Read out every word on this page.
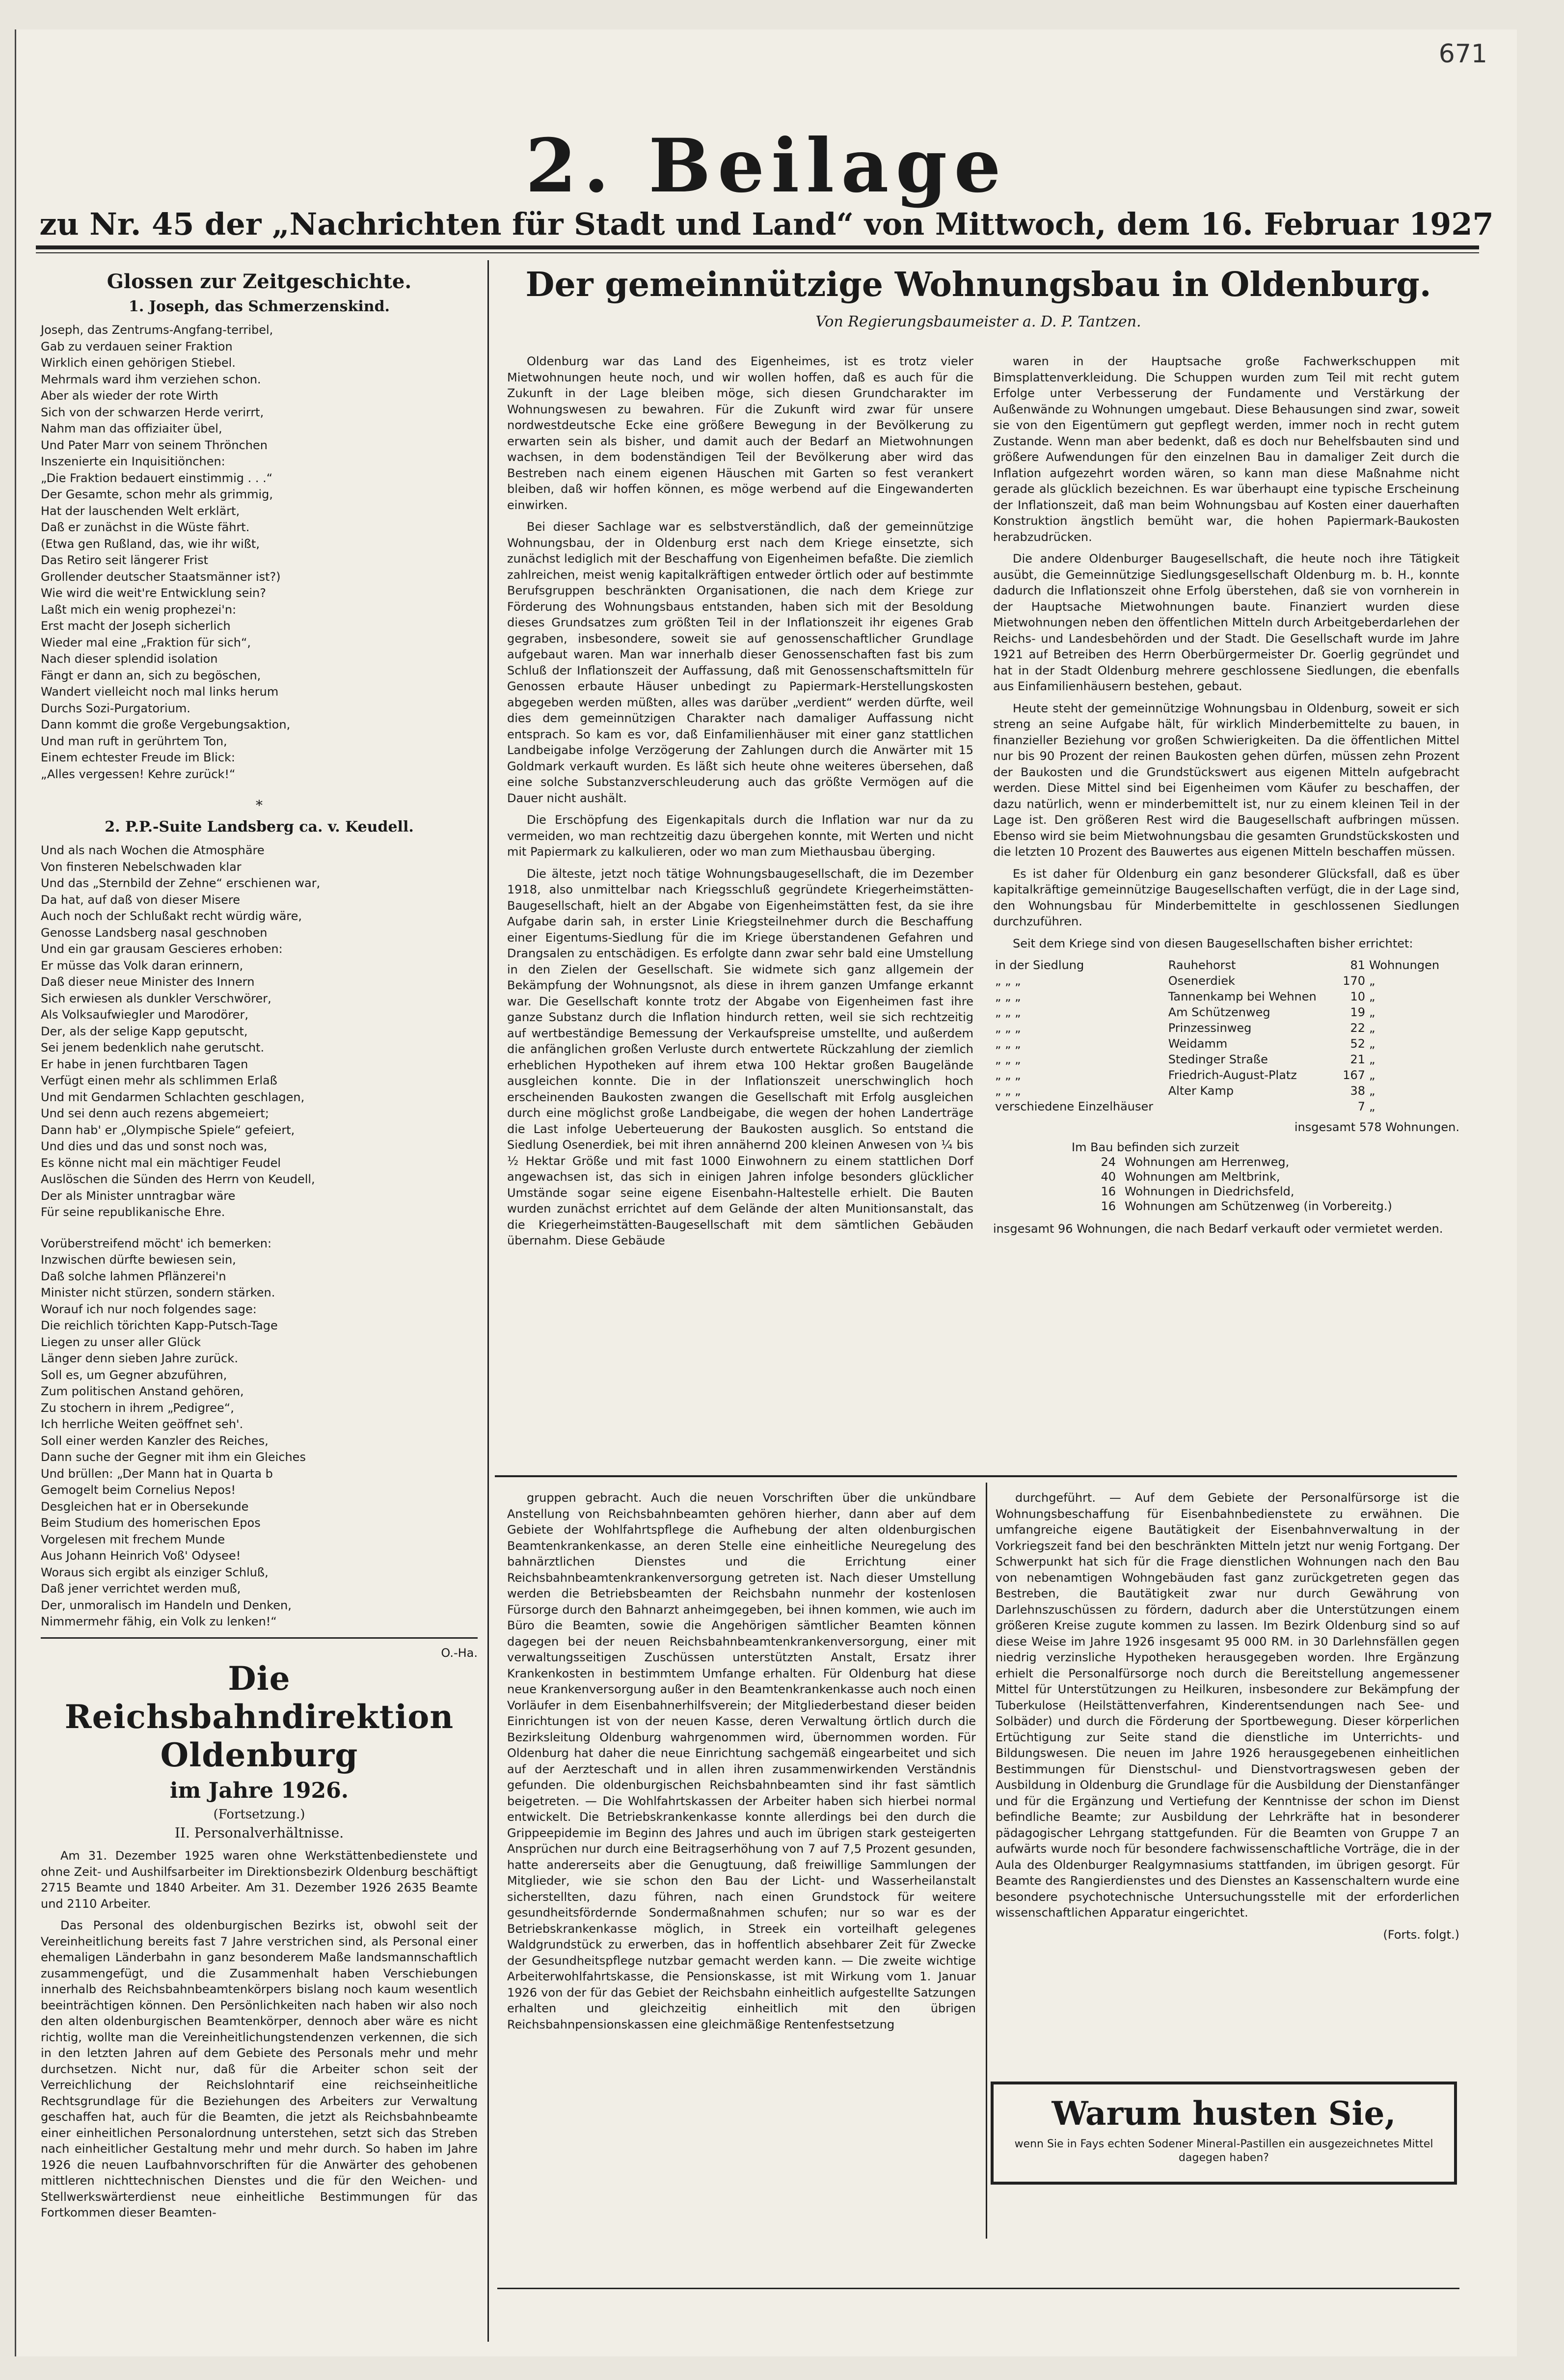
671
2. Beilage
zu Nr. 45 der „Nachrichten für Stadt und Land“ von Mittwoch, dem 16. Februar 1927
Glossen zur Zeitgeschichte.
1. Joseph, das Schmerzenskind.

Joseph, das Zentrums-Angfang-terribel,

Gab zu verdauen seiner Fraktion

Wirklich einen gehörigen Stiebel.

Mehrmals ward ihm verziehen schon.

Aber als wieder der rote Wirth

Sich von der schwarzen Herde verirrt,

Nahm man das offiziaiter übel,

Und Pater Marr von seinem Thrönchen

Inszenierte ein Inquisitiönchen:

„Die Fraktion bedauert einstimmig . . .“

Der Gesamte, schon mehr als grimmig,

Hat der lauschenden Welt erklärt,

Daß er zunächst in die Wüste fährt.

(Etwa gen Rußland, das, wie ihr wißt,

Das Retiro seit längerer Frist

Grollender deutscher Staatsmänner ist?)

Wie wird die weit're Entwicklung sein?

Laßt mich ein wenig prophezei'n:

Erst macht der Joseph sicherlich

Wieder mal eine „Fraktion für sich“,

Nach dieser splendid isolation

Fängt er dann an, sich zu begöschen,

Wandert vielleicht noch mal links herum

Durchs Sozi-Purgatorium.

Dann kommt die große Vergebungsaktion,

Und man ruft in gerührtem Ton,

Einem echtester Freude im Blick:

„Alles vergessen! Kehre zurück!“

*
2. P.P.-Suite Landsberg ca. v. Keudell.

Und als nach Wochen die Atmosphäre

Von finsteren Nebelschwaden klar

Und das „Sternbild der Zehne“ erschienen war,

Da hat, auf daß von dieser Misere

Auch noch der Schlußakt recht würdig wäre,

Genosse Landsberg nasal geschnoben

Und ein gar grausam Gescieres erhoben:

Er müsse das Volk daran erinnern,

Daß dieser neue Minister des Innern

Sich erwiesen als dunkler Verschwörer,

Als Volksaufwiegler und Marodörer,

Der, als der selige Kapp geputscht,

Sei jenem bedenklich nahe gerutscht.

Er habe in jenen furchtbaren Tagen

Verfügt einen mehr als schlimmen Erlaß

Und mit Gendarmen Schlachten geschlagen,

Und sei denn auch rezens abgemeiert;

Dann hab' er „Olympische Spiele“ gefeiert,

Und dies und das und sonst noch was,

Es könne nicht mal ein mächtiger Feudel

Auslöschen die Sünden des Herrn von Keudell,

Der als Minister unntragbar wäre

Für seine republikanische Ehre.

Vorüberstreifend möcht' ich bemerken:

Inzwischen dürfte bewiesen sein,

Daß solche lahmen Pflänzerei'n

Minister nicht stürzen, sondern stärken.

Worauf ich nur noch folgendes sage:

Die reichlich törichten Kapp-Putsch-Tage

Liegen zu unser aller Glück

Länger denn sieben Jahre zurück.

Soll es, um Gegner abzuführen,

Zum politischen Anstand gehören,

Zu stochern in ihrem „Pedigree“,

Ich herrliche Weiten geöffnet seh'.

Soll einer werden Kanzler des Reiches,

Dann suche der Gegner mit ihm ein Gleiches

Und brüllen: „Der Mann hat in Quarta b

Gemogelt beim Cornelius Nepos!

Desgleichen hat er in Obersekunde

Beim Studium des homerischen Epos

Vorgelesen mit frechem Munde

Aus Johann Heinrich Voß' Odysee!

Woraus sich ergibt als einziger Schluß,

Daß jener verrichtet werden muß,

Der, unmoralisch im Handeln und Denken,

Nimmermehr fähig, ein Volk zu lenken!“

O.-Ha.

Die Reichsbahndirektion Oldenburg
im Jahre 1926.
(Fortsetzung.)
II. Personalverhältnisse.

Am 31. Dezember 1925 waren ohne Werkstättenbedienstete und ohne Zeit- und Aushilfsarbeiter im Direktionsbezirk Oldenburg beschäftigt 2715 Beamte und 1840 Arbeiter. Am 31. Dezember 1926 2635 Beamte und 2110 Arbeiter.

Das Personal des oldenburgischen Bezirks ist, obwohl seit der Vereinheitlichung bereits fast 7 Jahre verstrichen sind, als Personal einer ehemaligen Länderbahn in ganz besonderem Maße landsmannschaftlich zusammengefügt, und die Zusammenhalt haben Verschiebungen innerhalb des Reichsbahnbeamtenkörpers bislang noch kaum wesentlich beeinträchtigen können. Den Persönlichkeiten nach haben wir also noch den alten oldenburgischen Beamtenkörper, dennoch aber wäre es nicht richtig, wollte man die Vereinheitlichungstendenzen verkennen, die sich in den letzten Jahren auf dem Gebiete des Personals mehr und mehr durchsetzen. Nicht nur, daß für die Arbeiter schon seit der Verreichlichung der Reichslohntarif eine reichseinheitliche Rechtsgrundlage für die Beziehungen des Arbeiters zur Verwaltung geschaffen hat, auch für die Beamten, die jetzt als Reichsbahnbeamte einer einheitlichen Personalordnung unterstehen, setzt sich das Streben nach einheitlicher Gestaltung mehr und mehr durch. So haben im Jahre 1926 die neuen Laufbahnvorschriften für die Anwärter des gehobenen mittleren nichttechnischen Dienstes und die für den Weichen- und Stellwerkswärterdienst neue einheitliche Bestimmungen für das Fortkommen dieser Beamten-

Der gemeinnützige Wohnungsbau in Oldenburg.
Von Regierungsbaumeister a. D. P. Tantzen.

Oldenburg war das Land des Eigenheimes, ist es trotz vieler Mietwohnungen heute noch, und wir wollen hoffen, daß es auch für die Zukunft in der Lage bleiben möge, sich diesen Grundcharakter im Wohnungswesen zu bewahren. Für die Zukunft wird zwar für unsere nordwestdeutsche Ecke eine größere Bewegung in der Bevölkerung zu erwarten sein als bisher, und damit auch der Bedarf an Mietwohnungen wachsen, in dem bodenständigen Teil der Bevölkerung aber wird das Bestreben nach einem eigenen Häuschen mit Garten so fest verankert bleiben, daß wir hoffen können, es möge werbend auf die Eingewanderten einwirken.

Bei dieser Sachlage war es selbstverständlich, daß der gemeinnützige Wohnungsbau, der in Oldenburg erst nach dem Kriege einsetzte, sich zunächst lediglich mit der Beschaffung von Eigenheimen befaßte. Die ziemlich zahlreichen, meist wenig kapitalkräftigen entweder örtlich oder auf bestimmte Berufsgruppen beschränkten Organisationen, die nach dem Kriege zur Förderung des Wohnungsbaus entstanden, haben sich mit der Besoldung dieses Grundsatzes zum größten Teil in der Inflationszeit ihr eigenes Grab gegraben, insbesondere, soweit sie auf genossenschaftlicher Grundlage aufgebaut waren. Man war innerhalb dieser Genossenschaften fast bis zum Schluß der Inflationszeit der Auffassung, daß mit Genossenschaftsmitteln für Genossen erbaute Häuser unbedingt zu Papiermark-Herstellungskosten abgegeben werden müßten, alles was darüber „verdient“ werden dürfte, weil dies dem gemeinnützigen Charakter nach damaliger Auffassung nicht entsprach. So kam es vor, daß Einfamilienhäuser mit einer ganz stattlichen Landbeigabe infolge Verzögerung der Zahlungen durch die Anwärter mit 15 Goldmark verkauft wurden. Es läßt sich heute ohne weiteres übersehen, daß eine solche Substanzverschleuderung auch das größte Vermögen auf die Dauer nicht aushält.

Die Erschöpfung des Eigenkapitals durch die Inflation war nur da zu vermeiden, wo man rechtzeitig dazu übergehen konnte, mit Werten und nicht mit Papiermark zu kalkulieren, oder wo man zum Miethausbau überging.

Die älteste, jetzt noch tätige Wohnungsbaugesellschaft, die im Dezember 1918, also unmittelbar nach Kriegsschluß gegründete Kriegerheimstätten-Baugesellschaft, hielt an der Abgabe von Eigenheimstätten fest, da sie ihre Aufgabe darin sah, in erster Linie Kriegsteilnehmer durch die Beschaffung einer Eigentums-Siedlung für die im Kriege überstandenen Gefahren und Drangsalen zu entschädigen. Es erfolgte dann zwar sehr bald eine Umstellung in den Zielen der Gesellschaft. Sie widmete sich ganz allgemein der Bekämpfung der Wohnungsnot, als diese in ihrem ganzen Umfange erkannt war. Die Gesellschaft konnte trotz der Abgabe von Eigenheimen fast ihre ganze Substanz durch die Inflation hindurch retten, weil sie sich rechtzeitig auf wertbeständige Bemessung der Verkaufspreise umstellte, und außerdem die anfänglichen großen Verluste durch entwertete Rückzahlung der ziemlich erheblichen Hypotheken auf ihrem etwa 100 Hektar großen Baugelände ausgleichen konnte. Die in der Inflationszeit unerschwinglich hoch erscheinenden Baukosten zwangen die Gesellschaft mit Erfolg ausgleichen durch eine möglichst große Landbeigabe, die wegen der hohen Landerträge die Last infolge Ueberteuerung der Baukosten ausglich. So entstand die Siedlung Osenerdiek, bei mit ihren annähernd 200 kleinen Anwesen von ¼ bis ½ Hektar Größe und mit fast 1000 Einwohnern zu einem stattlichen Dorf angewachsen ist, das sich in einigen Jahren infolge besonders glücklicher Umstände sogar seine eigene Eisenbahn-Haltestelle erhielt. Die Bauten wurden zunächst errichtet auf dem Gelände der alten Munitionsanstalt, das die Kriegerheimstätten-Baugesellschaft mit dem sämtlichen Gebäuden übernahm. Diese Gebäude

waren in der Hauptsache große Fachwerkschuppen mit Bimsplattenverkleidung. Die Schuppen wurden zum Teil mit recht gutem Erfolge unter Verbesserung der Fundamente und Verstärkung der Außenwände zu Wohnungen umgebaut. Diese Behausungen sind zwar, soweit sie von den Eigentümern gut gepflegt werden, immer noch in recht gutem Zustande. Wenn man aber bedenkt, daß es doch nur Behelfsbauten sind und größere Aufwendungen für den einzelnen Bau in damaliger Zeit durch die Inflation aufgezehrt worden wären, so kann man diese Maßnahme nicht gerade als glücklich bezeichnen. Es war überhaupt eine typische Erscheinung der Inflationszeit, daß man beim Wohnungsbau auf Kosten einer dauerhaften Konstruktion ängstlich bemüht war, die hohen Papiermark-Baukosten herabzudrücken.

Die andere Oldenburger Baugesellschaft, die heute noch ihre Tätigkeit ausübt, die Gemeinnützige Siedlungsgesellschaft Oldenburg m. b. H., konnte dadurch die Inflationszeit ohne Erfolg überstehen, daß sie von vornherein in der Hauptsache Mietwohnungen baute. Finanziert wurden diese Mietwohnungen neben den öffentlichen Mitteln durch Arbeitgeberdarlehen der Reichs- und Landesbehörden und der Stadt. Die Gesellschaft wurde im Jahre 1921 auf Betreiben des Herrn Oberbürgermeister Dr. Goerlig gegründet und hat in der Stadt Oldenburg mehrere geschlossene Siedlungen, die ebenfalls aus Einfamilienhäusern bestehen, gebaut.

Heute steht der gemeinnützige Wohnungsbau in Oldenburg, soweit er sich streng an seine Aufgabe hält, für wirklich Minderbemittelte zu bauen, in finanzieller Beziehung vor großen Schwierigkeiten. Da die öffentlichen Mittel nur bis 90 Prozent der reinen Baukosten gehen dürfen, müssen zehn Prozent der Baukosten und die Grundstückswert aus eigenen Mitteln aufgebracht werden. Diese Mittel sind bei Eigenheimen vom Käufer zu beschaffen, der dazu natürlich, wenn er minderbemittelt ist, nur zu einem kleinen Teil in der Lage ist. Den größeren Rest wird die Baugesellschaft aufbringen müssen. Ebenso wird sie beim Mietwohnungsbau die gesamten Grundstückskosten und die letzten 10 Prozent des Bauwertes aus eigenen Mitteln beschaffen müssen.

Es ist daher für Oldenburg ein ganz besonderer Glücksfall, daß es über kapitalkräftige gemeinnützige Baugesellschaften verfügt, die in der Lage sind, den Wohnungsbau für Minderbemittelte in geschlossenen Siedlungen durchzuführen.

Seit dem Kriege sind von diesen Baugesellschaften bisher errichtet:

in der Siedlung	Rauhehorst	81	Wohnungen
„ „ „	Osenerdiek	170	„
„ „ „	Tannenkamp bei Wehnen	10	„
„ „ „	Am Schützenweg	19	„
„ „ „	Prinzessinweg	22	„
„ „ „	Weidamm	52	„
„ „ „	Stedinger Straße	21	„
„ „ „	Friedrich-August-Platz	167	„
„ „ „	Alter Kamp	38	„
verschiedene Einzelhäuser		7	„
insgesamt 578 Wohnungen.
Im Bau befinden sich zurzeit
24 Wohnungen am Herrenweg,
40 Wohnungen am Meltbrink,
16 Wohnungen in Diedrichsfeld,
16 Wohnungen am Schützenweg (in Vorbereitg.)
insgesamt 96 Wohnungen, die nach Bedarf verkauft oder vermietet werden.

gruppen gebracht. Auch die neuen Vorschriften über die unkündbare Anstellung von Reichsbahnbeamten gehören hierher, dann aber auf dem Gebiete der Wohlfahrtspflege die Aufhebung der alten oldenburgischen Beamtenkrankenkasse, an deren Stelle eine einheitliche Neuregelung des bahnärztlichen Dienstes und die Errichtung einer Reichsbahnbeamtenkrankenversorgung getreten ist. Nach dieser Umstellung werden die Betriebsbeamten der Reichsbahn nunmehr der kostenlosen Fürsorge durch den Bahnarzt anheimgegeben, bei ihnen kommen, wie auch im Büro die Beamten, sowie die Angehörigen sämtlicher Beamten können dagegen bei der neuen Reichsbahnbeamtenkrankenversorgung, einer mit verwaltungsseitigen Zuschüssen unterstützten Anstalt, Ersatz ihrer Krankenkosten in bestimmtem Umfange erhalten. Für Oldenburg hat diese neue Krankenversorgung außer in den Beamtenkrankenkasse auch noch einen Vorläufer in dem Eisenbahnerhilfsverein; der Mitgliederbestand dieser beiden Einrichtungen ist von der neuen Kasse, deren Verwaltung örtlich durch die Bezirksleitung Oldenburg wahrgenommen wird, übernommen worden. Für Oldenburg hat daher die neue Einrichtung sachgemäß eingearbeitet und sich auf der Aerzteschaft und in allen ihren zusammenwirkenden Verständnis gefunden. Die oldenburgischen Reichsbahnbeamten sind ihr fast sämtlich beigetreten. — Die Wohlfahrtskassen der Arbeiter haben sich hierbei normal entwickelt. Die Betriebskrankenkasse konnte allerdings bei den durch die Grippeepidemie im Beginn des Jahres und auch im übrigen stark gesteigerten Ansprüchen nur durch eine Beitragserhöhung von 7 auf 7,5 Prozent gesunden, hatte andererseits aber die Genugtuung, daß freiwillige Sammlungen der Mitglieder, wie sie schon den Bau der Licht- und Wasserheilanstalt sicherstellten, dazu führen, nach einen Grundstock für weitere gesundheitsfördernde Sondermaßnahmen schufen; nur so war es der Betriebskrankenkasse möglich, in Streek ein vorteilhaft gelegenes Waldgrundstück zu erwerben, das in hoffentlich absehbarer Zeit für Zwecke der Gesundheitspflege nutzbar gemacht werden kann. — Die zweite wichtige Arbeiterwohlfahrtskasse, die Pensionskasse, ist mit Wirkung vom 1. Januar 1926 von der für das Gebiet der Reichsbahn einheitlich aufgestellte Satzungen erhalten und gleichzeitig einheitlich mit den übrigen Reichsbahnpensionskassen eine gleichmäßige Rentenfestsetzung

durchgeführt. — Auf dem Gebiete der Personalfürsorge ist die Wohnungsbeschaffung für Eisenbahnbedienstete zu erwähnen. Die umfangreiche eigene Bautätigkeit der Eisenbahnverwaltung in der Vorkriegszeit fand bei den beschränkten Mitteln jetzt nur wenig Fortgang. Der Schwerpunkt hat sich für die Frage dienstlichen Wohnungen nach den Bau von nebenamtigen Wohngebäuden fast ganz zurückgetreten gegen das Bestreben, die Bautätigkeit zwar nur durch Gewährung von Darlehnszuschüssen zu fördern, dadurch aber die Unterstützungen einem größeren Kreise zugute kommen zu lassen. Im Bezirk Oldenburg sind so auf diese Weise im Jahre 1926 insgesamt 95 000 RM. in 30 Darlehnsfällen gegen niedrig verzinsliche Hypotheken herausgegeben worden. Ihre Ergänzung erhielt die Personalfürsorge noch durch die Bereitstellung angemessener Mittel für Unterstützungen zu Heilkuren, insbesondere zur Bekämpfung der Tuberkulose (Heilstättenverfahren, Kinderentsendungen nach See- und Solbäder) und durch die Förderung der Sportbewegung. Dieser körperlichen Ertüchtigung zur Seite stand die dienstliche im Unterrichts- und Bildungswesen. Die neuen im Jahre 1926 herausgegebenen einheitlichen Bestimmungen für Dienstschul- und Dienstvortragswesen geben der Ausbildung in Oldenburg die Grundlage für die Ausbildung der Dienstanfänger und für die Ergänzung und Vertiefung der Kenntnisse der schon im Dienst befindliche Beamte; zur Ausbildung der Lehrkräfte hat in besonderer pädagogischer Lehrgang stattgefunden. Für die Beamten von Gruppe 7 an aufwärts wurde noch für besondere fachwissenschaftliche Vorträge, die in der Aula des Oldenburger Realgymnasiums stattfanden, im übrigen gesorgt. Für Beamte des Rangierdienstes und des Dienstes an Kassenschaltern wurde eine besondere psychotechnische Untersuchungsstelle mit der erforderlichen wissenschaftlichen Apparatur eingerichtet.

(Forts. folgt.)

Warum husten Sie,
wenn Sie in Fays echten Sodener Mineral-Pastillen ein ausgezeichnetes Mittel dagegen haben?
